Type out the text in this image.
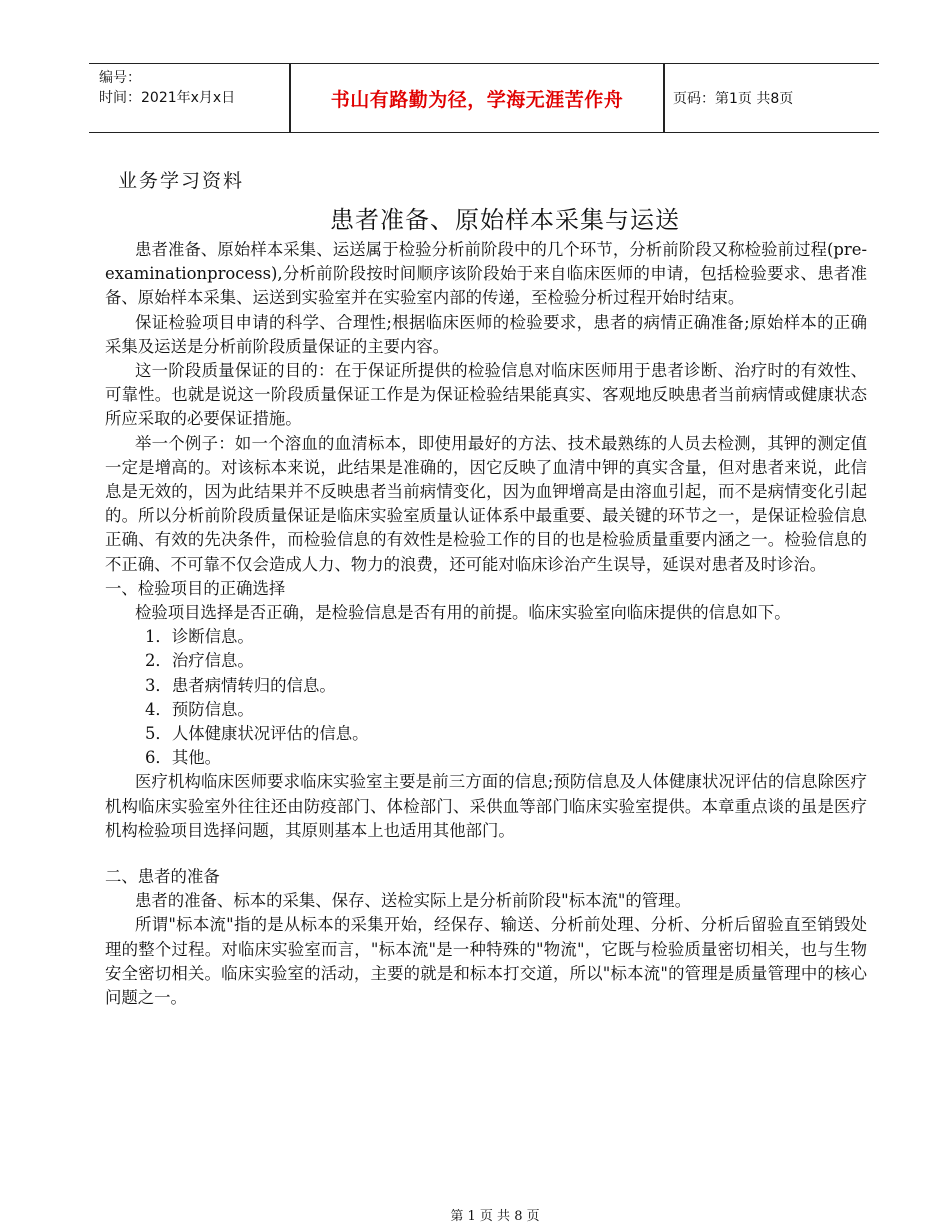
编号：
时间：2021年x月x日	书山有路勤为径，学海无涯苦作舟	页码：第1页 共8页
业务学习资料
患者准备、原始样本采集与运送

患者准备、原始样本采集、运送属于检验分析前阶段中的几个环节，分析前阶段又称检验前过程(pre-examinationprocess),分析前阶段按时间顺序该阶段始于来自临床医师的申请，包括检验要求、患者准备、原始样本采集、运送到实验室并在实验室内部的传递，至检验分析过程开始时结束。

保证检验项目申请的科学、合理性;根据临床医师的检验要求，患者的病情正确准备;原始样本的正确采集及运送是分析前阶段质量保证的主要内容。

这一阶段质量保证的目的：在于保证所提供的检验信息对临床医师用于患者诊断、治疗时的有效性、可靠性。也就是说这一阶段质量保证工作是为保证检验结果能真实、客观地反映患者当前病情或健康状态所应采取的必要保证措施。

举一个例子：如一个溶血的血清标本，即使用最好的方法、技术最熟练的人员去检测，其钾的测定值一定是增高的。对该标本来说，此结果是准确的，因它反映了血清中钾的真实含量，但对患者来说，此信息是无效的，因为此结果并不反映患者当前病情变化，因为血钾增高是由溶血引起，而不是病情变化引起的。所以分析前阶段质量保证是临床实验室质量认证体系中最重要、最关键的环节之一，是保证检验信息正确、有效的先决条件，而检验信息的有效性是检验工作的目的也是检验质量重要内涵之一。检验信息的不正确、不可靠不仅会造成人力、物力的浪费，还可能对临床诊治产生误导，延误对患者及时诊治。

一、检验项目的正确选择

检验项目选择是否正确，是检验信息是否有用的前提。临床实验室向临床提供的信息如下。

1．诊断信息。

2．治疗信息。

3．患者病情转归的信息。

4．预防信息。

5．人体健康状况评估的信息。

6．其他。

医疗机构临床医师要求临床实验室主要是前三方面的信息;预防信息及人体健康状况评估的信息除医疗机构临床实验室外往往还由防疫部门、体检部门、采供血等部门临床实验室提供。本章重点谈的虽是医疗机构检验项目选择问题，其原则基本上也适用其他部门。

二、患者的准备

患者的准备、标本的采集、保存、送检实际上是分析前阶段"标本流"的管理。

所谓"标本流"指的是从标本的采集开始，经保存、输送、分析前处理、分析、分析后留验直至销毁处理的整个过程。对临床实验室而言，"标本流"是一种特殊的"物流"，它既与检验质量密切相关，也与生物安全密切相关。临床实验室的活动，主要的就是和标本打交道，所以"标本流"的管理是质量管理中的核心问题之一。

第 1 页 共 8 页
